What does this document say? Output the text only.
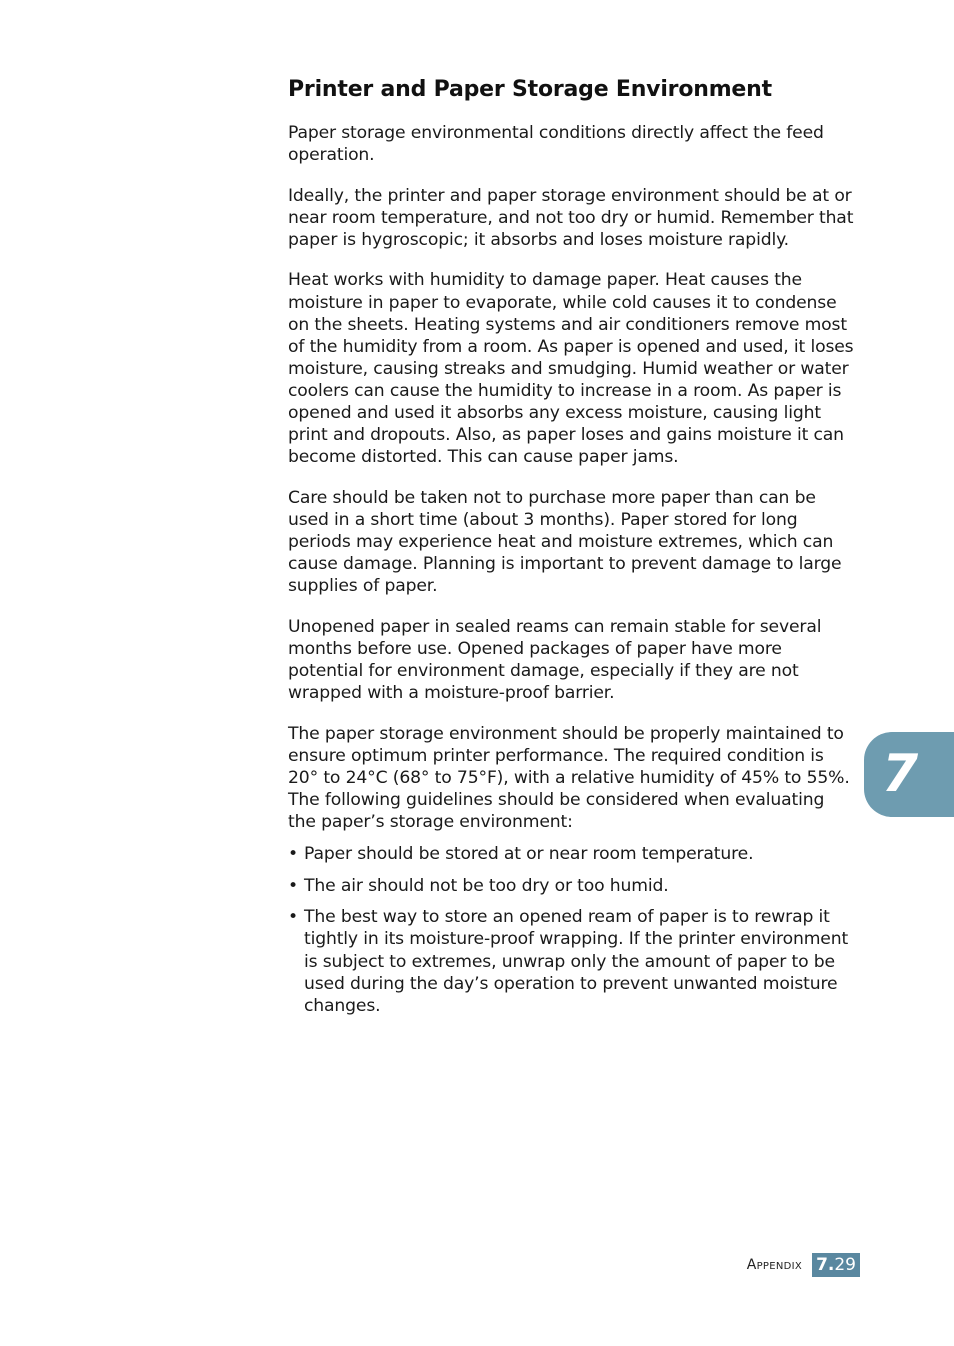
Printer and Paper Storage Environment

Paper storage environmental conditions directly affect the feed operation.

Ideally, the printer and paper storage environment should be at or near room temperature, and not too dry or humid. Remember that paper is hygroscopic; it absorbs and loses moisture rapidly.

Heat works with humidity to damage paper. Heat causes the moisture in paper to evaporate, while cold causes it to condense on the sheets. Heating systems and air conditioners remove most of the humidity from a room. As paper is opened and used, it loses moisture, causing streaks and smudging. Humid weather or water coolers can cause the humidity to increase in a room. As paper is opened and used it absorbs any excess moisture, causing light print and dropouts. Also, as paper loses and gains moisture it can become distorted. This can cause paper jams.

Care should be taken not to purchase more paper than can be used in a short time (about 3 months). Paper stored for long periods may experience heat and moisture extremes, which can cause damage. Planning is important to prevent damage to large supplies of paper.

Unopened paper in sealed reams can remain stable for several months before use. Opened packages of paper have more potential for environment damage, especially if they are not wrapped with a moisture-proof barrier.

The paper storage environment should be properly maintained to ensure optimum printer performance. The required condition is 20° to 24°C (68° to 75°F), with a relative humidity of 45% to 55%. The following guidelines should be considered when evaluating the paper’s storage environment:

• Paper should be stored at or near room temperature.
• The air should not be too dry or too humid.
• The best way to store an opened ream of paper is to rewrap it tightly in its moisture-proof wrapping. If the printer environment is subject to extremes, unwrap only the amount of paper to be used during the day’s operation to prevent unwanted moisture changes.
7
Appendix 7. 29
